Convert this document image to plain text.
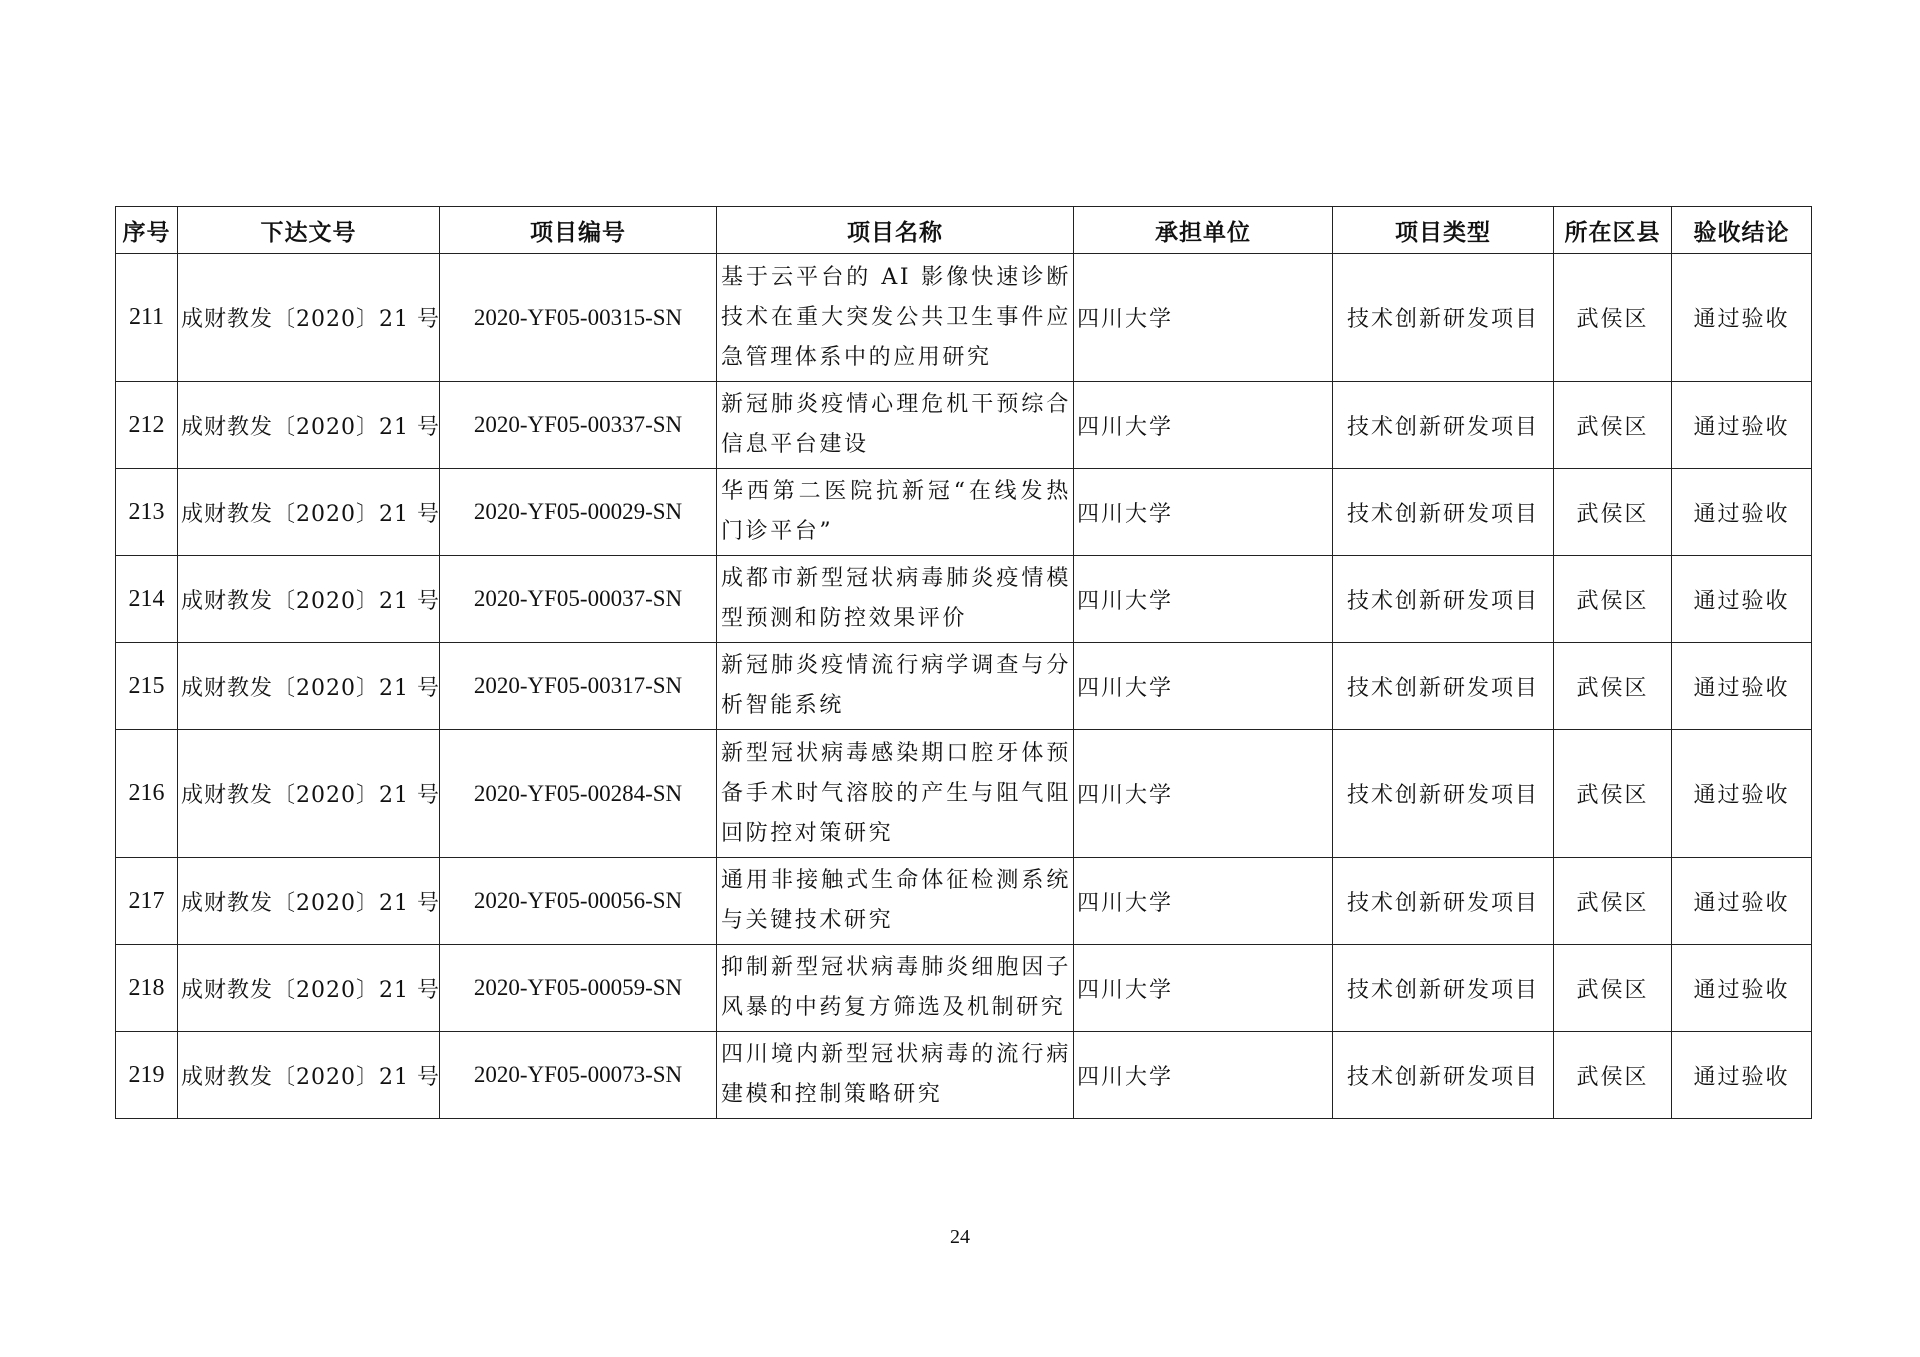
序号	下达文号	项目编号	项目名称	承担单位	项目类型	所在区县	验收结论
211	成财教发〔2020〕21 号	2020-YF05-00315-SN	基于云平台的 AI 影像快速诊断技术在重大突发公共卫生事件应急管理体系中的应用研究	四川大学	技术创新研发项目	武侯区	通过验收
212	成财教发〔2020〕21 号	2020-YF05-00337-SN	新冠肺炎疫情心理危机干预综合信息平台建设	四川大学	技术创新研发项目	武侯区	通过验收
213	成财教发〔2020〕21 号	2020-YF05-00029-SN	华西第二医院抗新冠“在线发热门诊平台”	四川大学	技术创新研发项目	武侯区	通过验收
214	成财教发〔2020〕21 号	2020-YF05-00037-SN	成都市新型冠状病毒肺炎疫情模型预测和防控效果评价	四川大学	技术创新研发项目	武侯区	通过验收
215	成财教发〔2020〕21 号	2020-YF05-00317-SN	新冠肺炎疫情流行病学调查与分析智能系统	四川大学	技术创新研发项目	武侯区	通过验收
216	成财教发〔2020〕21 号	2020-YF05-00284-SN	新型冠状病毒感染期口腔牙体预备手术时气溶胶的产生与阻气阻回防控对策研究	四川大学	技术创新研发项目	武侯区	通过验收
217	成财教发〔2020〕21 号	2020-YF05-00056-SN	通用非接触式生命体征检测系统与关键技术研究	四川大学	技术创新研发项目	武侯区	通过验收
218	成财教发〔2020〕21 号	2020-YF05-00059-SN	抑制新型冠状病毒肺炎细胞因子风暴的中药复方筛选及机制研究	四川大学	技术创新研发项目	武侯区	通过验收
219	成财教发〔2020〕21 号	2020-YF05-00073-SN	四川境内新型冠状病毒的流行病建模和控制策略研究	四川大学	技术创新研发项目	武侯区	通过验收
24
